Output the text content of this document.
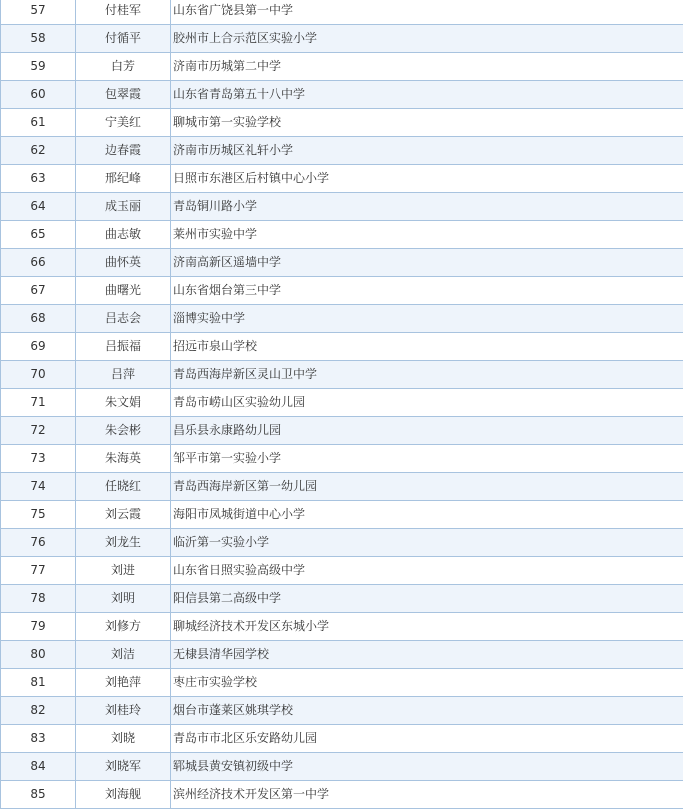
57	付桂军	山东省广饶县第一中学
58	付循平	胶州市上合示范区实验小学
59	白芳	济南市历城第二中学
60	包翠霞	山东省青岛第五十八中学
61	宁美红	聊城市第一实验学校
62	边春霞	济南市历城区礼轩小学
63	邢纪峰	日照市东港区后村镇中心小学
64	成玉丽	青岛铜川路小学
65	曲志敏	莱州市实验中学
66	曲怀英	济南高新区遥墙中学
67	曲曙光	山东省烟台第三中学
68	吕志会	淄博实验中学
69	吕振福	招远市泉山学校
70	吕萍	青岛西海岸新区灵山卫中学
71	朱文娟	青岛市崂山区实验幼儿园
72	朱会彬	昌乐县永康路幼儿园
73	朱海英	邹平市第一实验小学
74	任晓红	青岛西海岸新区第一幼儿园
75	刘云霞	海阳市凤城街道中心小学
76	刘龙生	临沂第一实验小学
77	刘进	山东省日照实验高级中学
78	刘明	阳信县第二高级中学
79	刘修方	聊城经济技术开发区东城小学
80	刘洁	无棣县清华园学校
81	刘艳萍	枣庄市实验学校
82	刘桂玲	烟台市蓬莱区姚琪学校
83	刘晓	青岛市市北区乐安路幼儿园
84	刘晓军	郓城县黄安镇初级中学
85	刘海舰	滨州经济技术开发区第一中学
